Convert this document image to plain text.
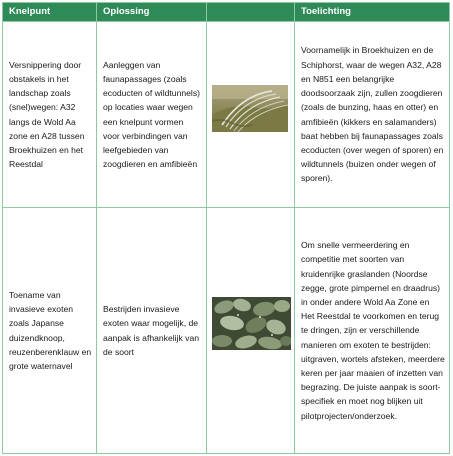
Knelpunt	Oplossing	Toelichting
Versnippering door obstakels in het landschap zoals (snel)wegen: A32 langs de Wold Aa zone en A28 tussen Broekhuizen en het Reestdal
Aanleggen van faunapassages (zoals ecoducten of wildtunnels) op locaties waar wegen een knelpunt vormen voor verbindingen van leefgebieden van zoogdieren en amfibieën
Voornamelijk in Broekhuizen en de Schiphorst, waar de wegen A32, A28 en N851 een belangrijke doodsoorzaak zijn, zullen zoogdieren (zoals de bunzing, haas en otter) en amfibieën (kikkers en salamanders) baat hebben bij faunapassages zoals ecoducten (over wegen of sporen) en wildtunnels (buizen onder wegen of sporen).
Toename van invasieve exoten zoals Japanse duizendknoop, reuzenberenklauw en grote waternavel
Bestrijden invasieve exoten waar mogelijk, de aanpak is afhankelijk van de soort
Om snelle vermeerdering en competitie met soorten van kruidenrijke graslanden (Noordse zegge, grote pimpernel en draadrus) in onder andere Wold Aa Zone en Het Reestdal te voorkomen en terug te dringen, zijn er verschillende manieren om exoten te bestrijden: uitgraven, wortels afsteken, meerdere keren per jaar maaien of inzetten van begrazing. De juiste aanpak is soort-specifiek en moet nog blijken uit pilotprojecten/onderzoek.
